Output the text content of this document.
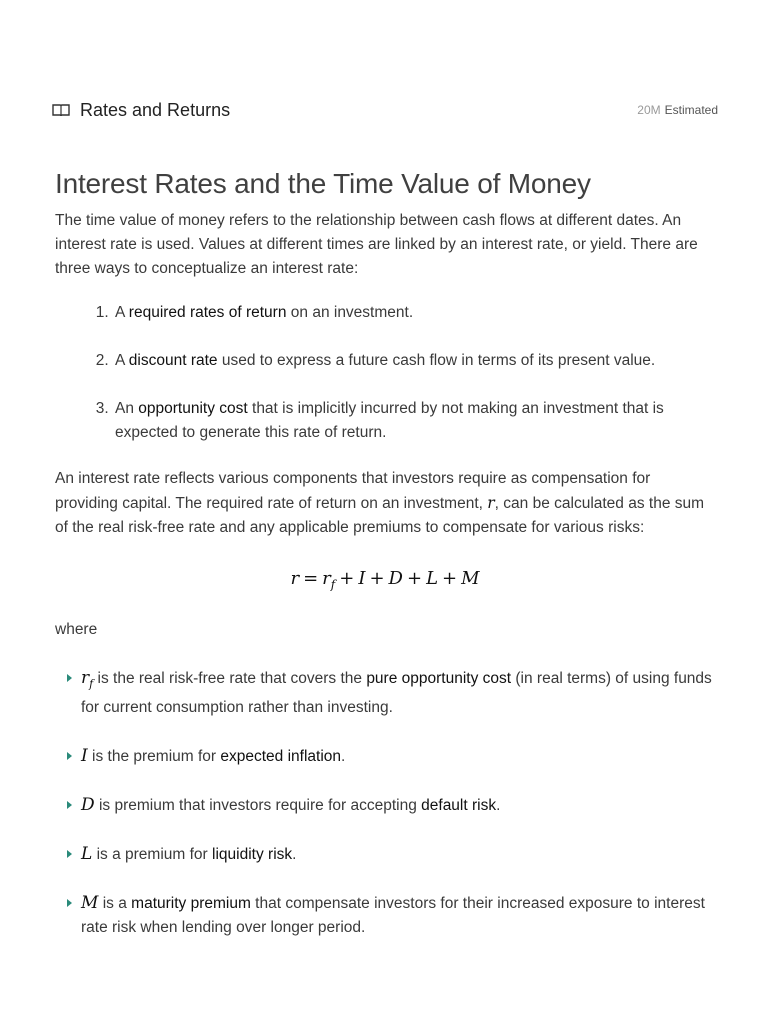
Rates and Returns	20M Estimated
Interest Rates and the Time Value of Money

The time value of money refers to the relationship between cash flows at different dates. An interest rate is used. Values at different times are linked by an interest rate, or yield. There are three ways to conceptualize an interest rate:

1. A required rates of return on an investment.
2. A discount rate used to express a future cash flow in terms of its present value.
3. An opportunity cost that is implicitly incurred by not making an investment that is expected to generate this rate of return.

An interest rate reflects various components that investors require as compensation for providing capital. The required rate of return on an investment, r, can be calculated as the sum of the real risk-free rate and any applicable premiums to compensate for various risks:

$r = r_f + I + D + L + M$

where

$r_f$ is the real risk-free rate that covers the pure opportunity cost (in real terms) of using funds for current consumption rather than investing.
I is the premium for expected inflation.
D is premium that investors require for accepting default risk.
L is a premium for liquidity risk.
M is a maturity premium that compensate investors for their increased exposure to interest rate risk when lending over longer period.
